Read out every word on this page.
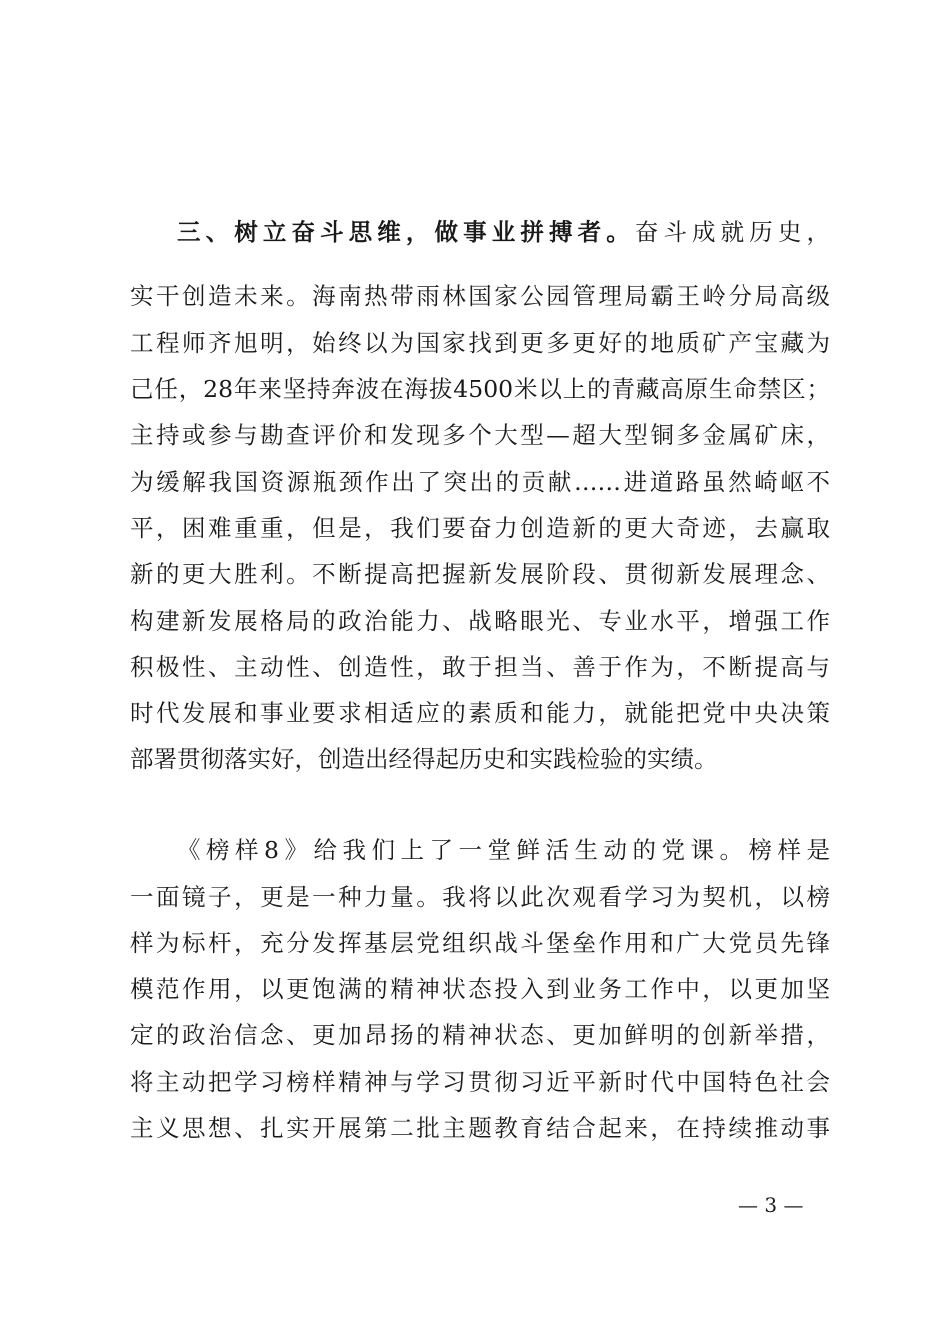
三、树立奋斗思维，做事业拼搏者。奋斗成就历史，
实干创造未来。海南热带雨林国家公园管理局霸王岭分局高级
工程师齐旭明，始终以为国家找到更多更好的地质矿产宝藏为
己任，28年来坚持奔波在海拔4500米以上的青藏高原生命禁区；
主持或参与勘查评价和发现多个大型—超大型铜多金属矿床，
为缓解我国资源瓶颈作出了突出的贡献……进道路虽然崎岖不
平，困难重重，但是，我们要奋力创造新的更大奇迹，去赢取
新的更大胜利。不断提高把握新发展阶段、贯彻新发展理念、
构建新发展格局的政治能力、战略眼光、专业水平，增强工作
积极性、主动性、创造性，敢于担当、善于作为，不断提高与
时代发展和事业要求相适应的素质和能力，就能把党中央决策
部署贯彻落实好，创造出经得起历史和实践检验的实绩。
《榜样8》给我们上了一堂鲜活生动的党课。榜样是
一面镜子，更是一种力量。我将以此次观看学习为契机，以榜
样为标杆，充分发挥基层党组织战斗堡垒作用和广大党员先锋
模范作用，以更饱满的精神状态投入到业务工作中，以更加坚
定的政治信念、更加昂扬的精神状态、更加鲜明的创新举措，
将主动把学习榜样精神与学习贯彻习近平新时代中国特色社会
主义思想、扎实开展第二批主题教育结合起来，在持续推动事
— 3 —
